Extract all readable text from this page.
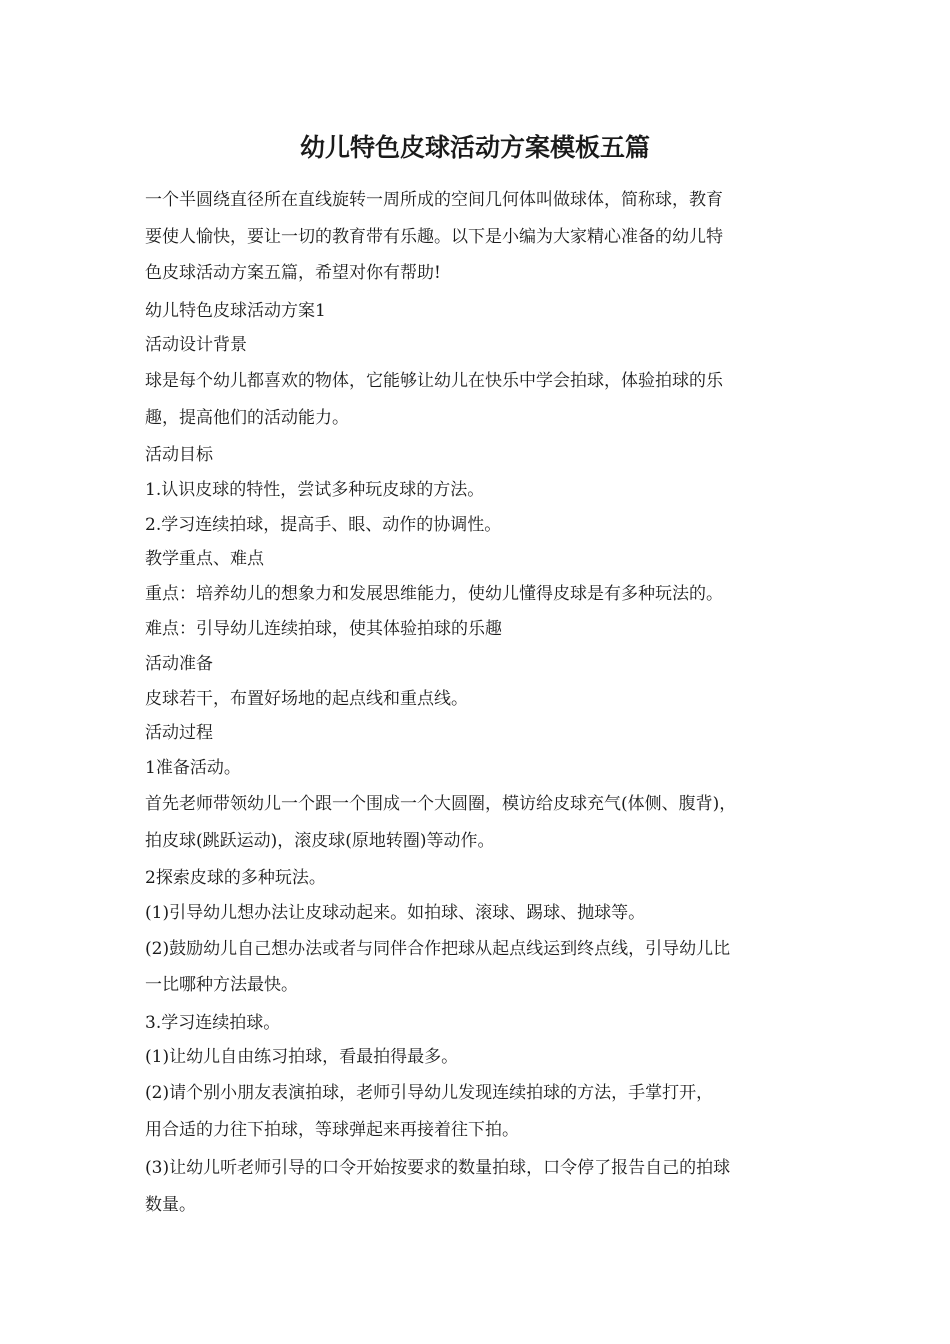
幼儿特色皮球活动方案模板五篇

一个半圆绕直径所在直线旋转一周所成的空间几何体叫做球体，简称球，教育
要使人愉快，要让一切的教育带有乐趣。以下是小编为大家精心准备的幼儿特
色皮球活动方案五篇，希望对你有帮助!

幼儿特色皮球活动方案1

活动设计背景

球是每个幼儿都喜欢的物体，它能够让幼儿在快乐中学会拍球，体验拍球的乐
趣，提高他们的活动能力。

活动目标

1.认识皮球的特性，尝试多种玩皮球的方法。

2.学习连续拍球，提高手、眼、动作的协调性。

教学重点、难点

重点：培养幼儿的想象力和发展思维能力，使幼儿懂得皮球是有多种玩法的。

难点：引导幼儿连续拍球，使其体验拍球的乐趣

活动准备

皮球若干，布置好场地的起点线和重点线。

活动过程

1准备活动。

首先老师带领幼儿一个跟一个围成一个大圆圈，模访给皮球充气(体侧、腹背)，
拍皮球(跳跃运动)，滚皮球(原地转圈)等动作。

2探索皮球的多种玩法。

(1)引导幼儿想办法让皮球动起来。如拍球、滚球、踢球、抛球等。

(2)鼓励幼儿自己想办法或者与同伴合作把球从起点线运到终点线，引导幼儿比
一比哪种方法最快。

3.学习连续拍球。

(1)让幼儿自由练习拍球，看最拍得最多。

(2)请个别小朋友表演拍球，老师引导幼儿发现连续拍球的方法，手掌打开，
用合适的力往下拍球，等球弹起来再接着往下拍。

(3)让幼儿听老师引导的口令开始按要求的数量拍球，口令停了报告自己的拍球
数量。
